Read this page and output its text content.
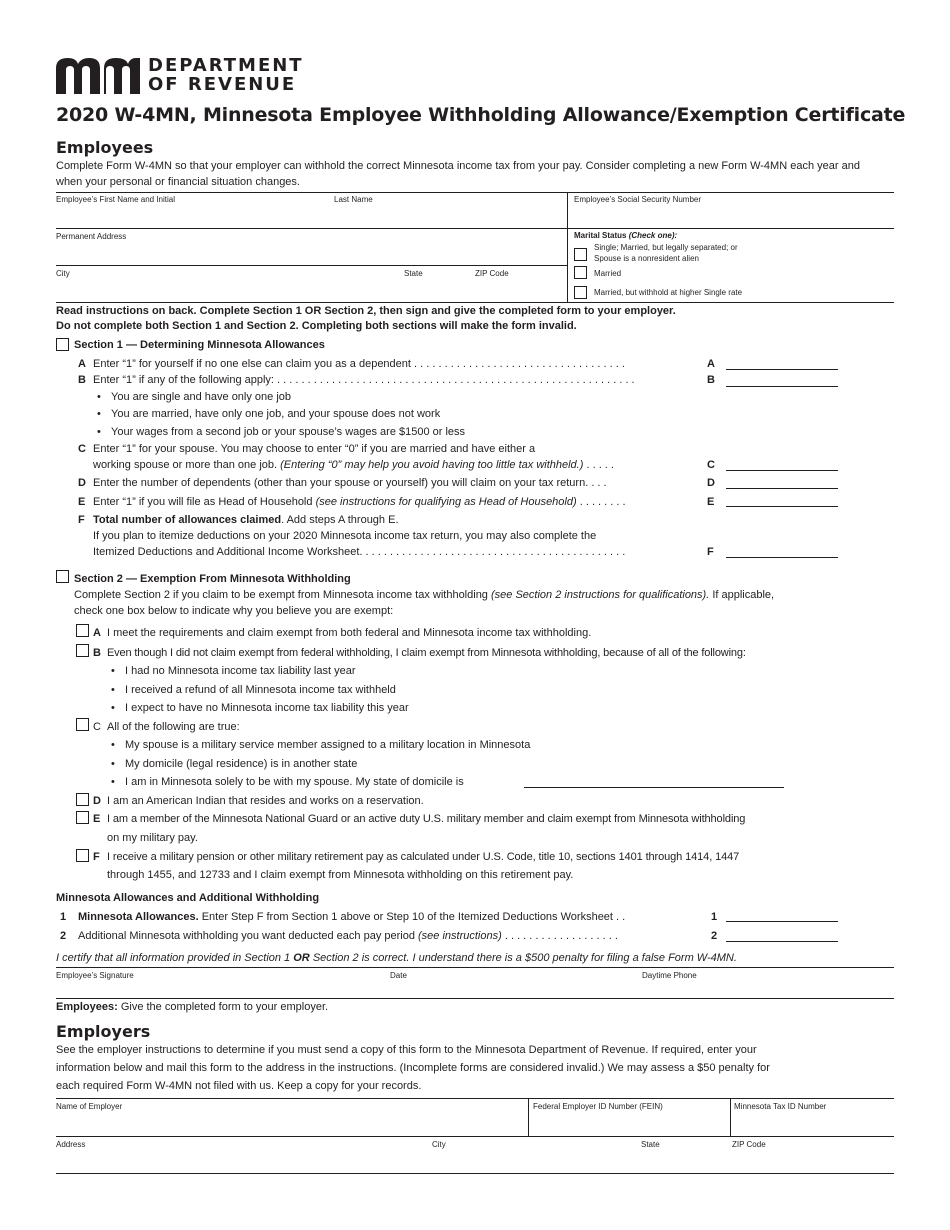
DEPARTMENT
OF REVENUE
2020 W-4MN, Minnesota Employee Withholding Allowance/Exemption Certificate
Employees
Complete Form W-4MN so that your employer can withhold the correct Minnesota income tax from your pay. Consider completing a new Form W-4MN each year and when your personal or financial situation changes.
Employee’s First Name and Initial	Last Name	Employee’s Social Security Number
Permanent Address
City	State	ZIP Code
Marital Status (Check one):
Single; Married, but legally separated; or
Spouse is a nonresident alien
Married
Married, but withhold at higher Single rate
Read instructions on back. Complete Section 1 OR Section 2, then sign and give the completed form to your employer.
Do not complete both Section 1 and Section 2. Completing both sections will make the form invalid.
Section 1 — Determining Minnesota Allowances
A Enter “1” for yourself if no one else can claim you as a dependent . . . . . . . . . . . . . . . . . . . . . . . . . . . . . . . . . . .	A
B Enter “1” if any of the following apply: . . . . . . . . . . . . . . . . . . . . . . . . . . . . . . . . . . . . . . . . . . . . . . . . . . . . . . . . . . .	B
• You are single and have only one job
• You are married, have only one job, and your spouse does not work
• Your wages from a second job or your spouse’s wages are $1500 or less
C Enter “1” for your spouse. You may choose to enter “0” if you are married and have either a
working spouse or more than one job. (Entering “0” may help you avoid having too little tax withheld.) . . . . .	C
D Enter the number of dependents (other than your spouse or yourself) you will claim on your tax return. . . .	D
E Enter “1” if you will file as Head of Household (see instructions for qualifying as Head of Household) . . . . . . . .	E
F Total number of allowances claimed. Add steps A through E.
If you plan to itemize deductions on your 2020 Minnesota income tax return, you may also complete the
Itemized Deductions and Additional Income Worksheet. . . . . . . . . . . . . . . . . . . . . . . . . . . . . . . . . . . . . . . . . . . .	F
Section 2 — Exemption From Minnesota Withholding
Complete Section 2 if you claim to be exempt from Minnesota income tax withholding (see Section 2 instructions for qualifications). If applicable,
check one box below to indicate why you believe you are exempt:
A I meet the requirements and claim exempt from both federal and Minnesota income tax withholding.
B Even though I did not claim exempt from federal withholding, I claim exempt from Minnesota withholding, because of all of the following:
• I had no Minnesota income tax liability last year
• I received a refund of all Minnesota income tax withheld
• I expect to have no Minnesota income tax liability this year
C All of the following are true:
• My spouse is a military service member assigned to a military location in Minnesota
• My domicile (legal residence) is in another state
• I am in Minnesota solely to be with my spouse. My state of domicile is
D I am an American Indian that resides and works on a reservation.
E I am a member of the Minnesota National Guard or an active duty U.S. military member and claim exempt from Minnesota withholding
on my military pay.
F I receive a military pension or other military retirement pay as calculated under U.S. Code, title 10, sections 1401 through 1414, 1447
through 1455, and 12733 and I claim exempt from Minnesota withholding on this retirement pay.
Minnesota Allowances and Additional Withholding
1 Minnesota Allowances. Enter Step F from Section 1 above or Step 10 of the Itemized Deductions Worksheet . .	1
2 Additional Minnesota withholding you want deducted each pay period (see instructions) . . . . . . . . . . . . . . . . . . .	2
I certify that all information provided in Section 1 OR Section 2 is correct. I understand there is a $500 penalty for filing a false Form W-4MN.
Employee’s Signature	Date	Daytime Phone
Employees: Give the completed form to your employer.
Employers
See the employer instructions to determine if you must send a copy of this form to the Minnesota Department of Revenue. If required, enter your
information below and mail this form to the address in the instructions. (Incomplete forms are considered invalid.) We may assess a $50 penalty for
each required Form W-4MN not filed with us. Keep a copy for your records.
Name of Employer	Federal Employer ID Number (FEIN)	Minnesota Tax ID Number
Address	City	State	ZIP Code
